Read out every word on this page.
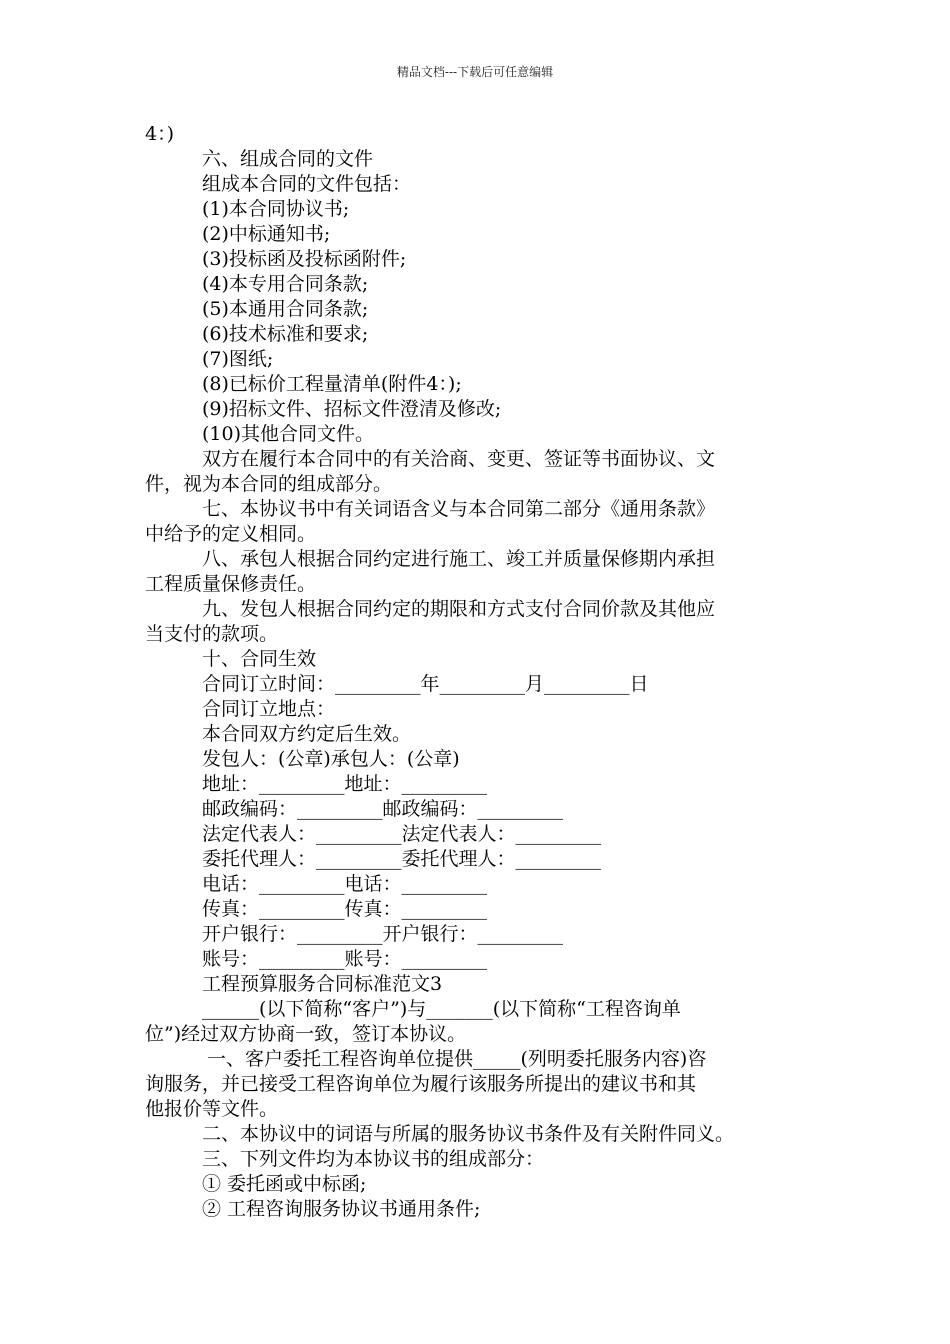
精品文档---下载后可任意编辑
4：)
六、组成合同的文件
组成本合同的文件包括：
(1)本合同协议书;
(2)中标通知书;
(3)投标函及投标函附件;
(4)本专用合同条款;
(5)本通用合同条款;
(6)技术标准和要求;
(7)图纸;
(8)已标价工程量清单(附件4：);
(9)招标文件、招标文件澄清及修改;
(10)其他合同文件。
双方在履行本合同中的有关洽商、变更、签证等书面协议、文
件，视为本合同的组成部分。
七、本协议书中有关词语含义与本合同第二部分《通用条款》
中给予的定义相同。
八、承包人根据合同约定进行施工、竣工并质量保修期内承担
工程质量保修责任。
九、发包人根据合同约定的期限和方式支付合同价款及其他应
当支付的款项。
十、合同生效
合同订立时间：_________年_________月_________日
合同订立地点：
本合同双方约定后生效。
发包人：(公章)承包人：(公章)
地址：_________地址：_________
邮政编码：_________邮政编码：_________
法定代表人：_________法定代表人：_________
委托代理人：_________委托代理人：_________
电话：_________电话：_________
传真：_________传真：_________
开户银行：_________开户银行：_________
账号：_________账号：_________
工程预算服务合同标准范文3
______(以下简称“客户”)与_______(以下简称“工程咨询单
位”)经过双方协商一致，签订本协议。
一、客户委托工程咨询单位提供_____(列明委托服务内容)咨
询服务，并已接受工程咨询单位为履行该服务所提出的建议书和其
他报价等文件。
二、本协议中的词语与所属的服务协议书条件及有关附件同义。
三、下列文件均为本协议书的组成部分：
① 委托函或中标函;
② 工程咨询服务协议书通用条件;
